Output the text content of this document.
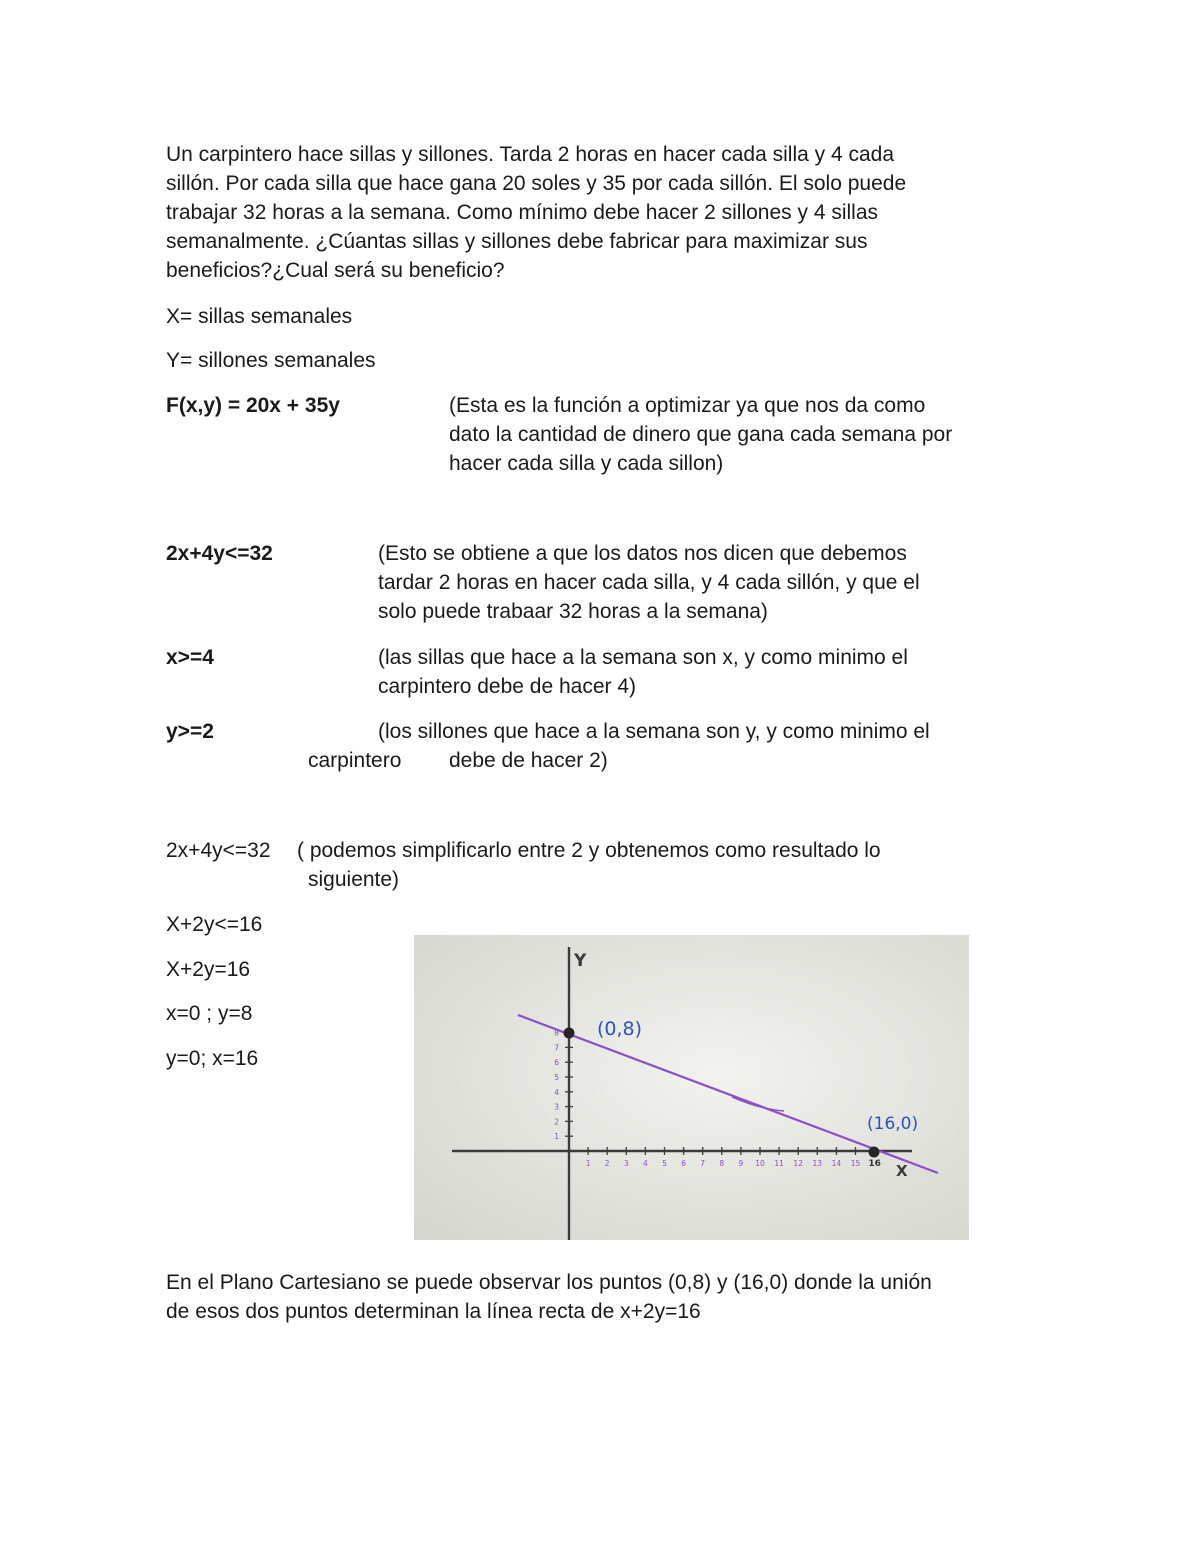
Un carpintero hace sillas y sillones. Tarda 2 horas en hacer cada silla y 4 cada

sillón. Por cada silla que hace gana 20 soles y 35 por cada sillón. El solo puede

trabajar 32 horas a la semana. Como mínimo debe hacer 2 sillones y 4 sillas

semanalmente. ¿Cúantas sillas y sillones debe fabricar para maximizar sus

beneficios?¿Cual será su beneficio?

X= sillas semanales

Y= sillones semanales

F(x,y) = 20x + 35y	(Esta es la función a optimizar ya que nos da como

dato la cantidad de dinero que gana cada semana por

hacer cada silla y cada sillon)

2x+4y<=32	(Esto se obtiene a que los datos nos dicen que debemos

tardar 2 horas en hacer cada silla, y 4 cada sillón, y que el

solo puede trabaar 32 horas a la semana)

x>=4	(las sillas que hace a la semana son x, y como minimo el

carpintero debe de hacer 4)

y>=2	(los sillones que hace a la semana son y, y como minimo el

carpintero debe de hacer 2)

2x+4y<=32 ( podemos simplificarlo entre 2 y obtenemos como resultado lo

siguiente)

X+2y<=16

X+2y=16

x=0 ; y=8

y=0; x=16

1 2 3 4 5 6 7 8 9 10 11 12 13 14 15 16
1
2
3
4
5
6
7
8 (0,8)
(16,0)
Y
X

En el Plano Cartesiano se puede observar los puntos (0,8) y (16,0) donde la unión

de esos dos puntos determinan la línea recta de x+2y=16
